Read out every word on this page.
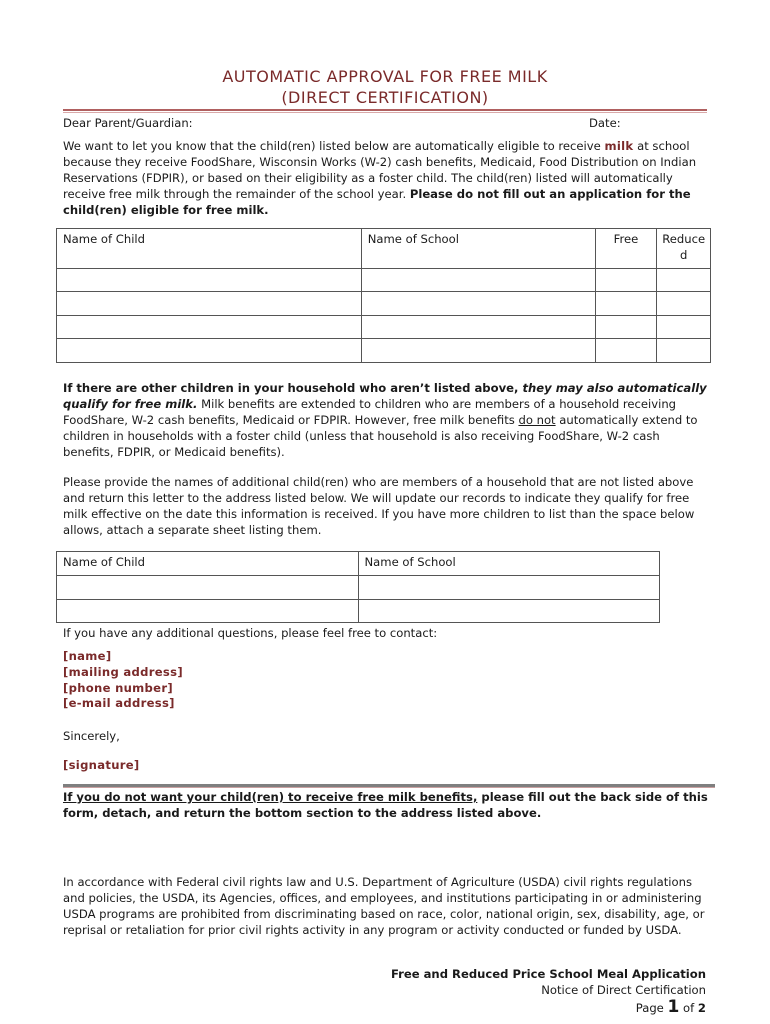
AUTOMATIC APPROVAL FOR FREE MILK
(DIRECT CERTIFICATION)
Dear Parent/Guardian:	Date:
We want to let you know that the child(ren) listed below are automatically eligible to receive milk at school because they receive FoodShare, Wisconsin Works (W-2) cash benefits, Medicaid, Food Distribution on Indian Reservations (FDPIR), or based on their eligibility as a foster child. The child(ren) listed will automatically receive free milk through the remainder of the school year. Please do not fill out an application for the child(ren) eligible for free milk.
Name of Child	Name of School	Free	Reduce d

If there are other children in your household who aren’t listed above, they may also automatically qualify for free milk. Milk benefits are extended to children who are members of a household receiving FoodShare, W-2 cash benefits, Medicaid or FDPIR. However, free milk benefits do not automatically extend to children in households with a foster child (unless that household is also receiving FoodShare, W-2 cash benefits, FDPIR, or Medicaid benefits).
Please provide the names of additional child(ren) who are members of a household that are not listed above and return this letter to the address listed below. We will update our records to indicate they qualify for free milk effective on the date this information is received. If you have more children to list than the space below allows, attach a separate sheet listing them.
Name of Child	Name of School

If you have any additional questions, please feel free to contact:
[name]
[mailing address]
[phone number]
[e-mail address]
Sincerely,
[signature]
If you do not want your child(ren) to receive free milk benefits, please fill out the back side of this form, detach, and return the bottom section to the address listed above.
In accordance with Federal civil rights law and U.S. Department of Agriculture (USDA) civil rights regulations and policies, the USDA, its Agencies, offices, and employees, and institutions participating in or administering USDA programs are prohibited from discriminating based on race, color, national origin, sex, disability, age, or reprisal or retaliation for prior civil rights activity in any program or activity conducted or funded by USDA.
Free and Reduced Price School Meal Application
Notice of Direct Certification
Page 1 of 2
